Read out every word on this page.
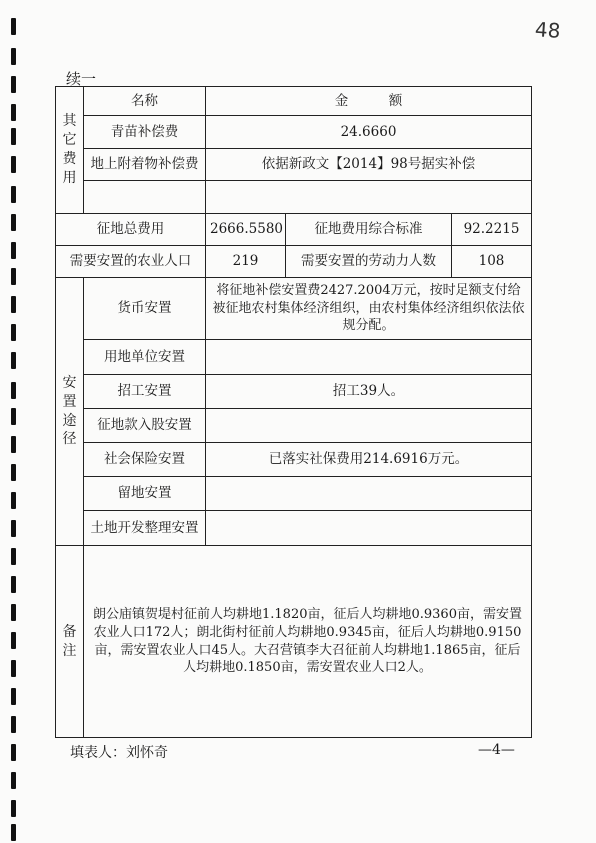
48
续一
其它费用	名称	金　　　额		
	青苗补偿费	24.6660		
	地上附着物补偿费	依据新政文【2014】98号据实补偿		

征地总费用		2666.5580	征地费用综合标准	92.2215
需要安置的农业人口		219	需要安置的劳动力人数	108
安置途径	货币安置	将征地补偿安置费2427.2004万元，按时足额支付给被征地农村集体经济组织，由农村集体经济组织依法依规分配。		
	用地单位安置			
	招工安置	招工39人。		
	征地款入股安置			
	社会保险安置	已落实社保费用214.6916万元。		
	留地安置			
	土地开发整理安置			
备注	朗公庙镇贺堤村征前人均耕地1.1820亩，征后人均耕地0.9360亩，需安置农业人口172人；朗北街村征前人均耕地0.9345亩，征后人均耕地0.9150亩，需安置农业人口45人。大召营镇李大召征前人均耕地1.1865亩，征后人均耕地0.1850亩，需安置农业人口2人。			
填表人：刘怀奇	—4—
